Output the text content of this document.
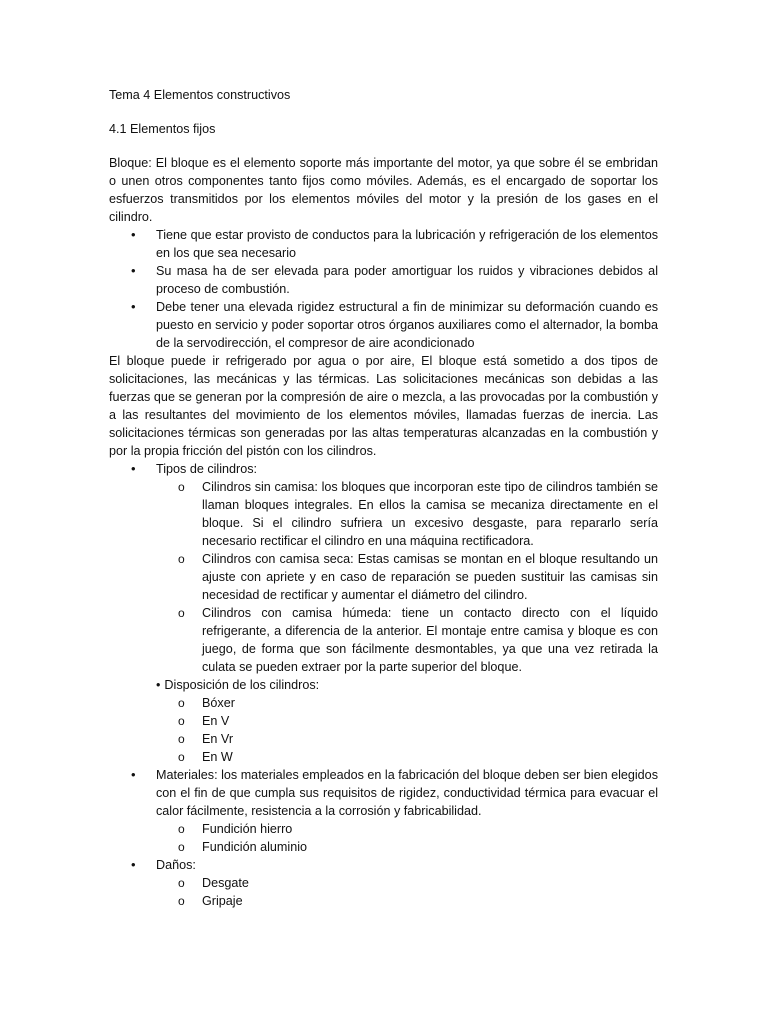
Tema 4 Elementos constructivos

4.1 Elementos fijos

Bloque: El bloque es el elemento soporte más importante del motor, ya que sobre él se embridan o unen otros componentes tanto fijos como móviles. Además, es el encargado de soportar los esfuerzos transmitidos por los elementos móviles del motor y la presión de los gases en el cilindro.

• Tiene que estar provisto de conductos para la lubricación y refrigeración de los elementos en los que sea necesario
• Su masa ha de ser elevada para poder amortiguar los ruidos y vibraciones debidos al proceso de combustión.
• Debe tener una elevada rigidez estructural a fin de minimizar su deformación cuando es puesto en servicio y poder soportar otros órganos auxiliares como el alternador, la bomba de la servodirección, el compresor de aire acondicionado

El bloque puede ir refrigerado por agua o por aire, El bloque está sometido a dos tipos de solicitaciones, las mecánicas y las térmicas. Las solicitaciones mecánicas son debidas a las fuerzas que se generan por la compresión de aire o mezcla, a las provocadas por la combustión y a las resultantes del movimiento de los elementos móviles, llamadas fuerzas de inercia. Las solicitaciones térmicas son generadas por las altas temperaturas alcanzadas en la combustión y por la propia fricción del pistón con los cilindros.

• Tipos de cilindros:
o Cilindros sin camisa: los bloques que incorporan este tipo de cilindros también se llaman bloques integrales. En ellos la camisa se mecaniza directamente en el bloque. Si el cilindro sufriera un excesivo desgaste, para repararlo sería necesario rectificar el cilindro en una máquina rectificadora.
o Cilindros con camisa seca: Estas camisas se montan en el bloque resultando un ajuste con apriete y en caso de reparación se pueden sustituir las camisas sin necesidad de rectificar y aumentar el diámetro del cilindro.
o Cilindros con camisa húmeda: tiene un contacto directo con el líquido refrigerante, a diferencia de la anterior. El montaje entre camisa y bloque es con juego, de forma que son fácilmente desmontables, ya que una vez retirada la culata se pueden extraer por la parte superior del bloque.
• Disposición de los cilindros:
o Bóxer
o En V
o En Vr
o En W
• Materiales: los materiales empleados en la fabricación del bloque deben ser bien elegidos con el fin de que cumpla sus requisitos de rigidez, conductividad térmica para evacuar el calor fácilmente, resistencia a la corrosión y fabricabilidad.
o Fundición hierro
o Fundición aluminio
• Daños:
o Desgate
o Gripaje
